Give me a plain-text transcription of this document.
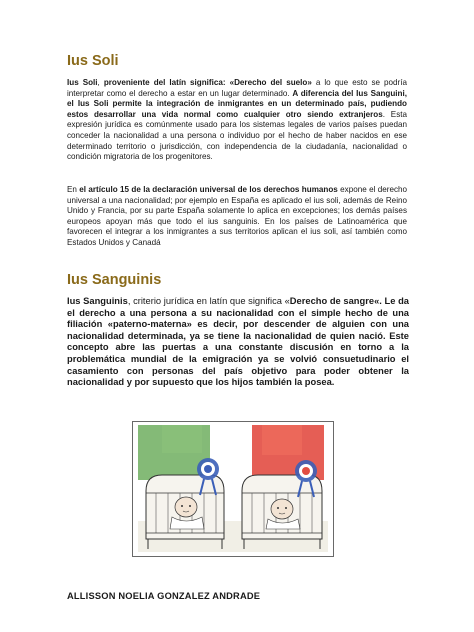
Ius Soli

Ius Soli, proveniente del latín significa: «Derecho del suelo» a lo que esto se podría interpretar como el derecho a estar en un lugar determinado. A diferencia del Ius Sanguini, el Ius Soli permite la integración de inmigrantes en un determinado país, pudiendo estos desarrollar una vida normal como cualquier otro siendo extranjeros. Esta expresión jurídica es comúnmente usado para los sistemas legales de varios países puedan conceder la nacionalidad a una persona o individuo por el hecho de haber nacidos en ese determinado territorio o jurisdicción, con independencia de la ciudadanía, nacionalidad o condición migratoria de los progenitores.

En el artículo 15 de la declaración universal de los derechos humanos expone el derecho universal a una nacionalidad; por ejemplo en España es aplicado el ius soli, además de Reino Unido y Francia, por su parte España solamente lo aplica en excepciones; los demás países europeos apoyan más que todo el ius sanguinis. En los países de Latinoamérica que favorecen el integrar a los inmigrantes a sus territorios aplican el ius soli, así también como Estados Unidos y Canadá

Ius Sanguinis

Ius Sanguinis, criterio jurídica en latín que significa «Derecho de sangre«. Le da el derecho a una persona a su nacionalidad con el simple hecho de una filiación «paterno-materna» es decir, por descender de alguien con una nacionalidad determinada, ya se tiene la nacionalidad de quien nació. Este concepto abre las puertas a una constante discusión en torno a la problemática mundial de la emigración ya se volvió consuetudinario el casamiento con personas del país objetivo para poder obtener la nacionalidad y por supuesto que los hijos también la posea.

ALLISSON NOELIA GONZALEZ ANDRADE
